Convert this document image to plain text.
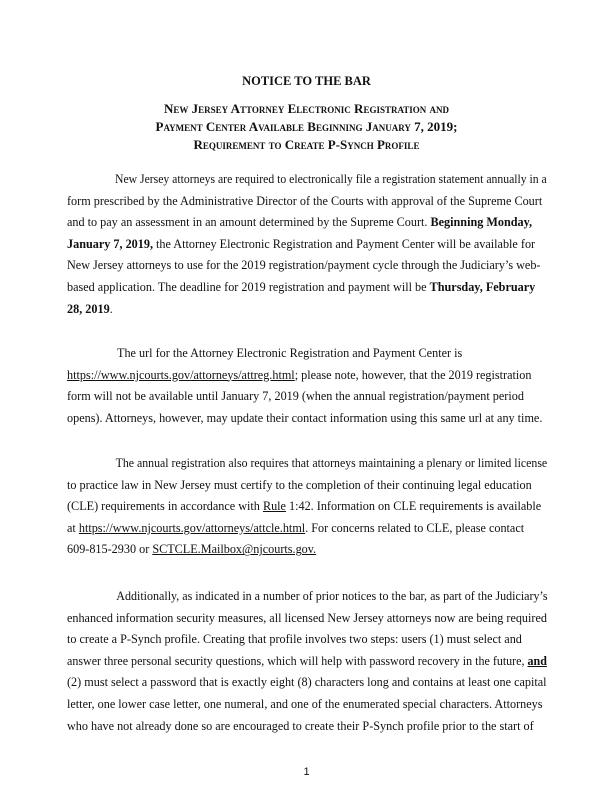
NOTICE TO THE BAR
New Jersey Attorney Electronic Registration and
Payment Center Available Beginning January 7, 2019;
Requirement to Create P-Synch Profile

New Jersey attorneys are required to electronically file a registration statement annually in a
form prescribed by the Administrative Director of the Courts with approval of the Supreme Court
and to pay an assessment in an amount determined by the Supreme Court. Beginning Monday,
January 7, 2019, the Attorney Electronic Registration and Payment Center will be available for
New Jersey attorneys to use for the 2019 registration/payment cycle through the Judiciary’s web-
based application. The deadline for 2019 registration and payment will be Thursday, February
28, 2019.

The url for the Attorney Electronic Registration and Payment Center is
https://www.njcourts.gov/attorneys/attreg.html; please note, however, that the 2019 registration
form will not be available until January 7, 2019 (when the annual registration/payment period
opens). Attorneys, however, may update their contact information using this same url at any time.

The annual registration also requires that attorneys maintaining a plenary or limited license
to practice law in New Jersey must certify to the completion of their continuing legal education
(CLE) requirements in accordance with Rule 1:42. Information on CLE requirements is available
at https://www.njcourts.gov/attorneys/attcle.html. For concerns related to CLE, please contact
609-815-2930 or SCTCLE.Mailbox@njcourts.gov.

Additionally, as indicated in a number of prior notices to the bar, as part of the Judiciary’s
enhanced information security measures, all licensed New Jersey attorneys now are being required
to create a P-Synch profile. Creating that profile involves two steps: users (1) must select and
answer three personal security questions, which will help with password recovery in the future, and
(2) must select a password that is exactly eight (8) characters long and contains at least one capital
letter, one lower case letter, one numeral, and one of the enumerated special characters. Attorneys
who have not already done so are encouraged to create their P-Synch profile prior to the start of

1
